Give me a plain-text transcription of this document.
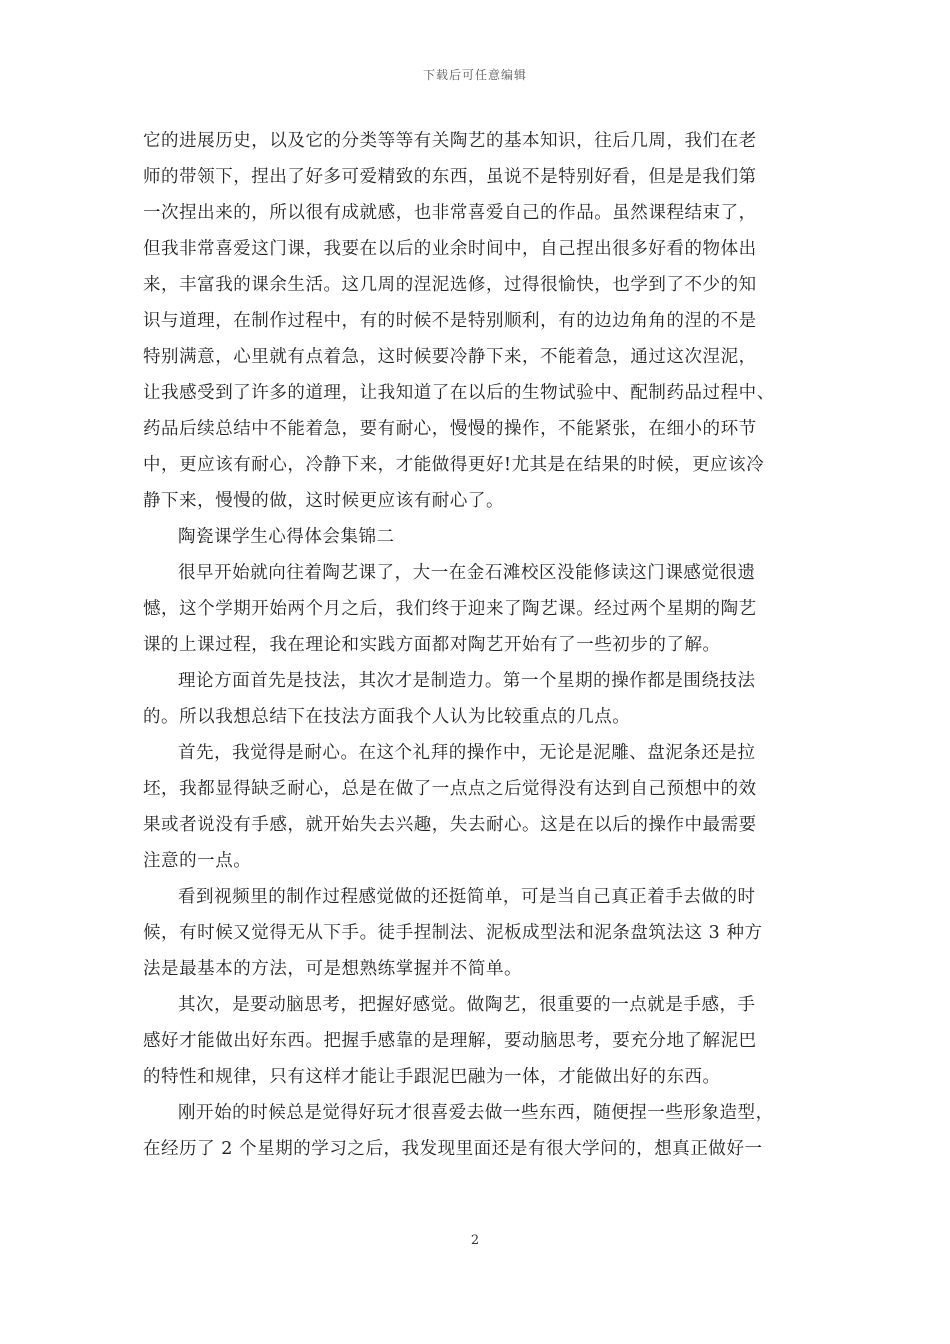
下载后可任意编辑
它的进展历史，以及它的分类等等有关陶艺的基本知识，往后几周，我们在老
师的带领下，捏出了好多可爱精致的东西，虽说不是特别好看，但是是我们第
一次捏出来的，所以很有成就感，也非常喜爱自己的作品。虽然课程结束了，
但我非常喜爱这门课，我要在以后的业余时间中，自己捏出很多好看的物体出
来，丰富我的课余生活。这几周的涅泥选修，过得很愉快，也学到了不少的知
识与道理，在制作过程中，有的时候不是特别顺利，有的边边角角的涅的不是
特别满意，心里就有点着急，这时候要冷静下来，不能着急，通过这次涅泥，
让我感受到了许多的道理，让我知道了在以后的生物试验中、配制药品过程中、
药品后续总结中不能着急，要有耐心，慢慢的操作，不能紧张，在细小的环节
中，更应该有耐心，冷静下来，才能做得更好!尤其是在结果的时候，更应该冷
静下来，慢慢的做，这时候更应该有耐心了。
陶瓷课学生心得体会集锦二
很早开始就向往着陶艺课了，大一在金石滩校区没能修读这门课感觉很遗
憾，这个学期开始两个月之后，我们终于迎来了陶艺课。经过两个星期的陶艺
课的上课过程，我在理论和实践方面都对陶艺开始有了一些初步的了解。
理论方面首先是技法，其次才是制造力。第一个星期的操作都是围绕技法
的。所以我想总结下在技法方面我个人认为比较重点的几点。
首先，我觉得是耐心。在这个礼拜的操作中，无论是泥雕、盘泥条还是拉
坯，我都显得缺乏耐心，总是在做了一点点之后觉得没有达到自己预想中的效
果或者说没有手感，就开始失去兴趣，失去耐心。这是在以后的操作中最需要
注意的一点。
看到视频里的制作过程感觉做的还挺简单，可是当自己真正着手去做的时
候，有时候又觉得无从下手。徒手捏制法、泥板成型法和泥条盘筑法这 3 种方
法是最基本的方法，可是想熟练掌握并不简单。
其次，是要动脑思考，把握好感觉。做陶艺，很重要的一点就是手感，手
感好才能做出好东西。把握手感靠的是理解，要动脑思考，要充分地了解泥巴
的特性和规律，只有这样才能让手跟泥巴融为一体，才能做出好的东西。
刚开始的时候总是觉得好玩才很喜爱去做一些东西，随便捏一些形象造型，
在经历了 2 个星期的学习之后，我发现里面还是有很大学问的，想真正做好一
2
